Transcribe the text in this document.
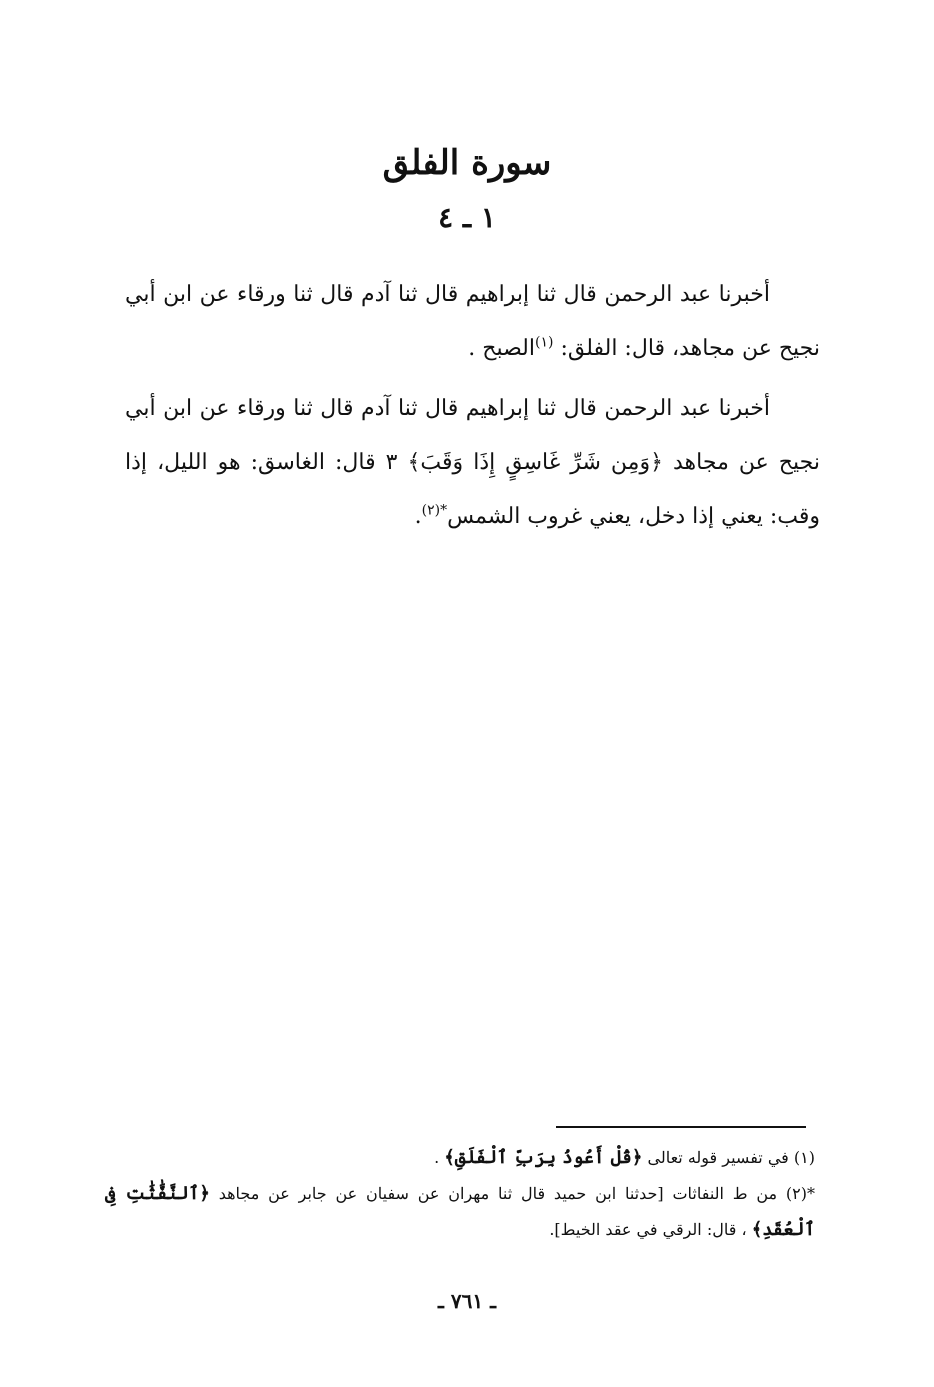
سورة الفلق
١ ـ ٤

أخبرنا عبد الرحمن قال ثنا إبراهيم قال ثنا آدم قال ثنا ورقاء عن ابن أبي نجيح عن مجاهد، قال: الفلق: $^{(١)}$الصبح .

أخبرنا عبد الرحمن قال ثنا إبراهيم قال ثنا آدم قال ثنا ورقاء عن ابن أبي نجيح عن مجاهد ﴿وَمِن شَرِّ غَاسِقٍ إِذَا وَقَبَ﴾ ٣ قال: الغاسق: هو الليل، إذا وقب: يعني إذا دخل، يعني غروب الشمس$^{*(٢)}$.

(١) في تفسير قوله تعالى ﴿قُلْ أَعُوذُ بِرَبِّ ٱلْفَلَقِ﴾ .

*(٢) من ط النفاثات [حدثنا ابن حميد قال ثنا مهران عن سفيان عن جابر عن مجاهد ﴿ٱلنَّفَّٰثَٰتِ فِى ٱلْعُقَدِ﴾ ، قال: الرقي في عقد الخيط].

ـ ٧٦١ ـ
